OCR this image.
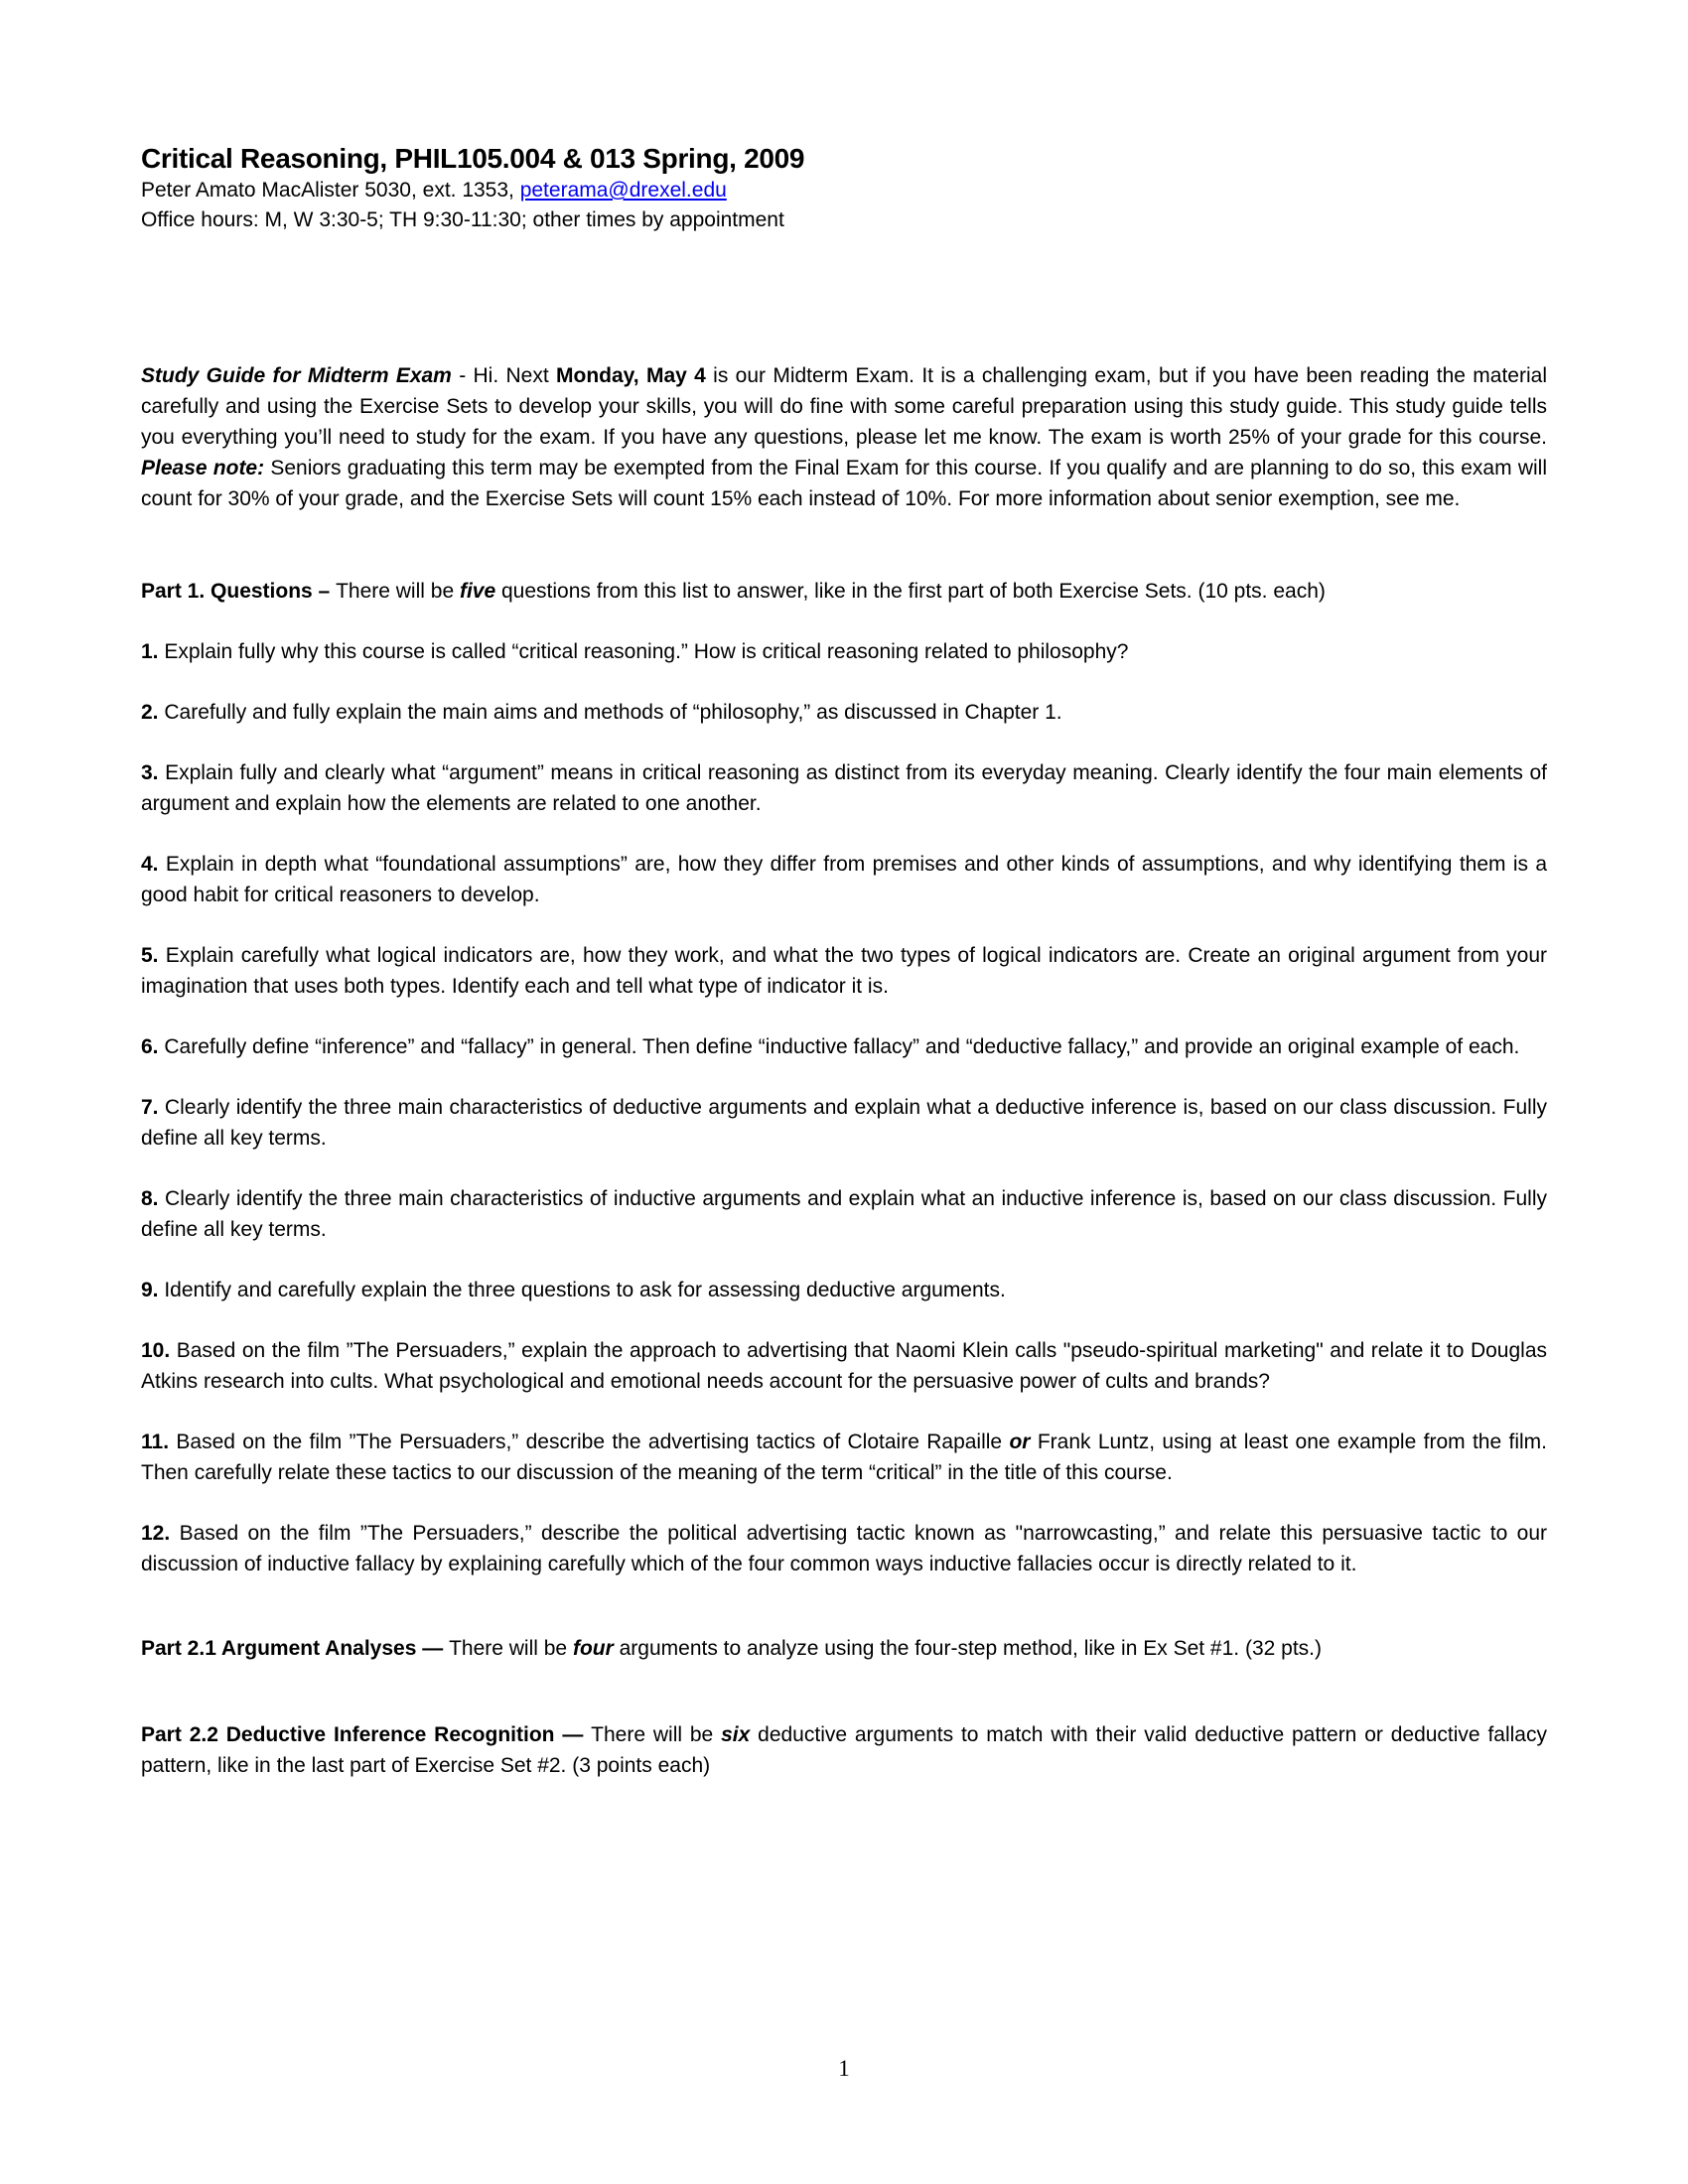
Critical Reasoning, PHIL105.004 & 013 Spring, 2009

Peter Amato MacAlister 5030, ext. 1353, peterama@drexel.edu

Office hours: M, W 3:30-5; TH 9:30-11:30; other times by appointment

Study Guide for Midterm Exam - Hi. Next Monday, May 4 is our Midterm Exam. It is a challenging exam, but if you have been reading the material carefully and using the Exercise Sets to develop your skills, you will do fine with some careful preparation using this study guide. This study guide tells you everything you’ll need to study for the exam. If you have any questions, please let me know. The exam is worth 25% of your grade for this course. Please note: Seniors graduating this term may be exempted from the Final Exam for this course. If you qualify and are planning to do so, this exam will count for 30% of your grade, and the Exercise Sets will count 15% each instead of 10%. For more information about senior exemption, see me.

Part 1. Questions – There will be five questions from this list to answer, like in the first part of both Exercise Sets. (10 pts. each)

1. Explain fully why this course is called “critical reasoning.” How is critical reasoning related to philosophy?

2. Carefully and fully explain the main aims and methods of “philosophy,” as discussed in Chapter 1.

3. Explain fully and clearly what “argument” means in critical reasoning as distinct from its everyday meaning. Clearly identify the four main elements of argument and explain how the elements are related to one another.

4. Explain in depth what “foundational assumptions” are, how they differ from premises and other kinds of assumptions, and why identifying them is a good habit for critical reasoners to develop.

5. Explain carefully what logical indicators are, how they work, and what the two types of logical indicators are. Create an original argument from your imagination that uses both types. Identify each and tell what type of indicator it is.

6. Carefully define “inference” and “fallacy” in general. Then define “inductive fallacy” and “deductive fallacy,” and provide an original example of each.

7. Clearly identify the three main characteristics of deductive arguments and explain what a deductive inference is, based on our class discussion. Fully define all key terms.

8. Clearly identify the three main characteristics of inductive arguments and explain what an inductive inference is, based on our class discussion. Fully define all key terms.

9. Identify and carefully explain the three questions to ask for assessing deductive arguments.

10. Based on the film ”The Persuaders,” explain the approach to advertising that Naomi Klein calls "pseudo-spiritual marketing" and relate it to Douglas Atkins research into cults. What psychological and emotional needs account for the persuasive power of cults and brands?

11. Based on the film ”The Persuaders,” describe the advertising tactics of Clotaire Rapaille or Frank Luntz, using at least one example from the film. Then carefully relate these tactics to our discussion of the meaning of the term “critical” in the title of this course.

12. Based on the film ”The Persuaders,” describe the political advertising tactic known as "narrowcasting,” and relate this persuasive tactic to our discussion of inductive fallacy by explaining carefully which of the four common ways inductive fallacies occur is directly related to it.

Part 2.1 Argument Analyses — There will be four arguments to analyze using the four-step method, like in Ex Set #1. (32 pts.)

Part 2.2 Deductive Inference Recognition — There will be six deductive arguments to match with their valid deductive pattern or deductive fallacy pattern, like in the last part of Exercise Set #2. (3 points each)

1
